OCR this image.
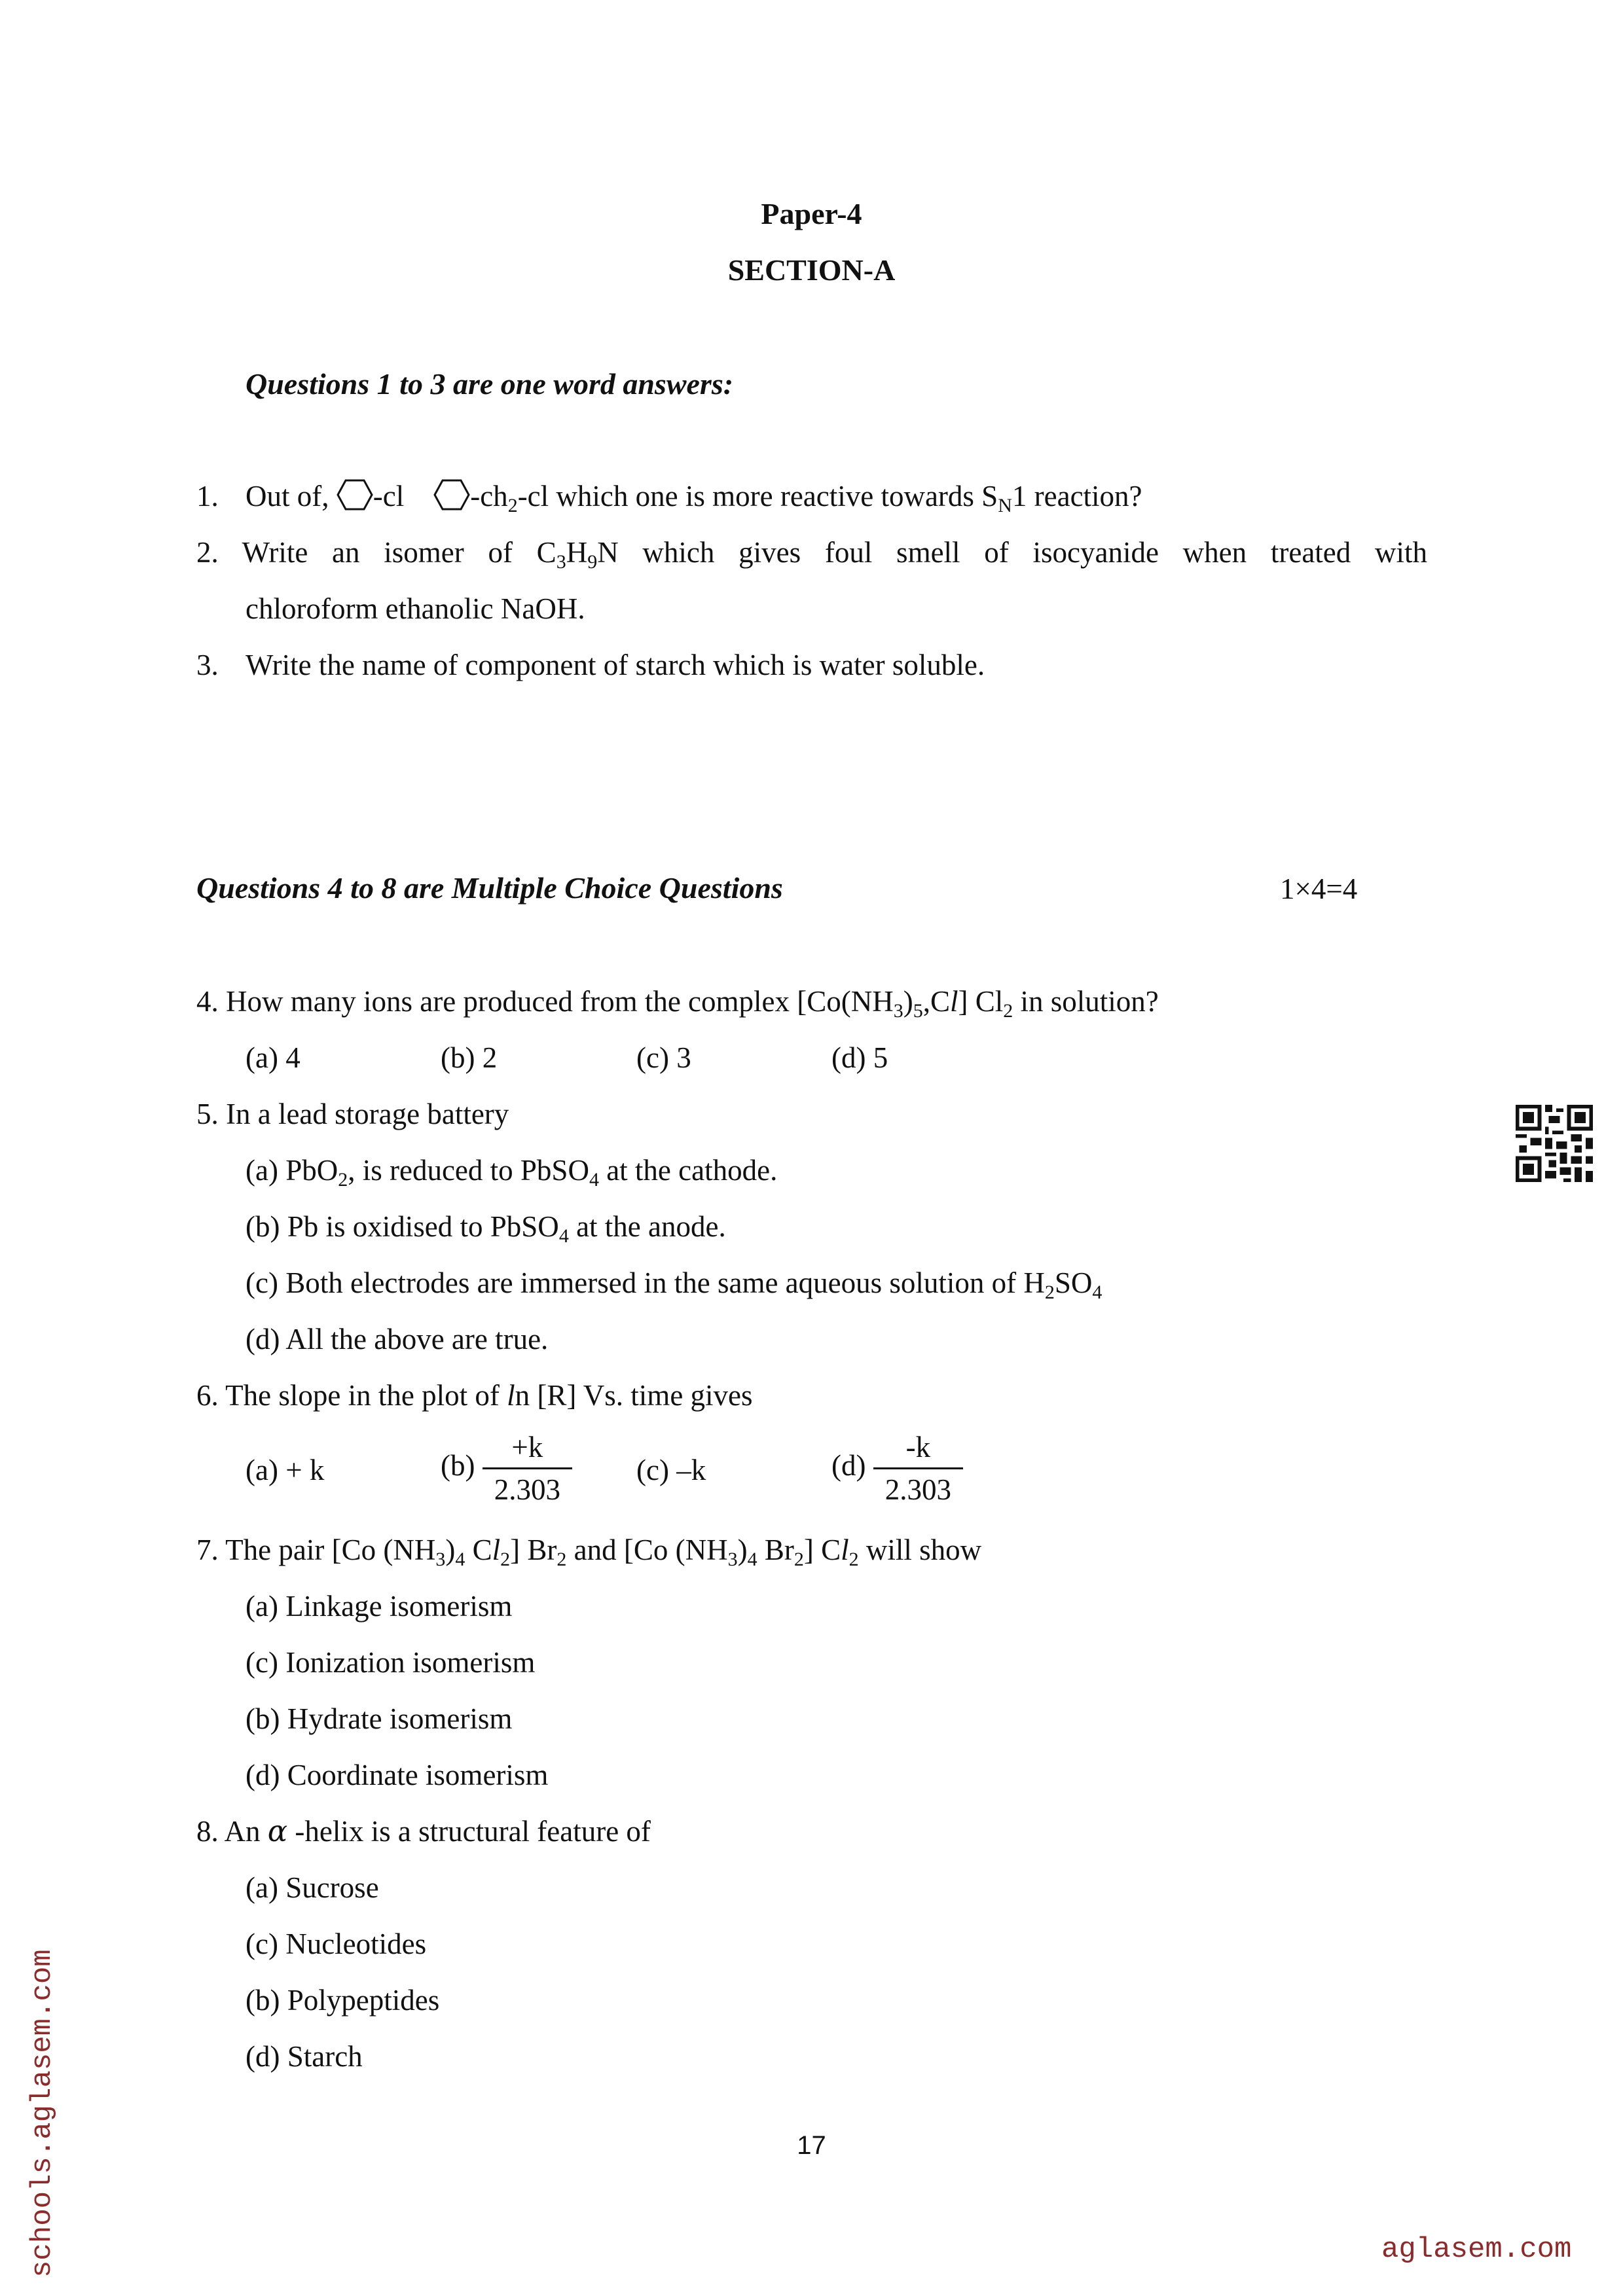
Paper-4
SECTION-A
Questions 1 to 3 are one word answers:
1. Out of, -cl $-ch_2-cl$ which one is more reactive towards $S_N1$ reaction?
2. Write an isomer of $C_3H_9N$ which gives foul smell of isocyanide when treated with
chloroform ethanolic NaOH.
3. Write the name of component of starch which is water soluble.
Questions 4 to 8 are Multiple Choice Questions	1×4=4
4. How many ions are produced from the complex $[Co(NH_3)_5,Cl]$ $Cl_2$ in solution?
(a) 4	(b) 2	(c) 3	(d) 5
5. In a lead storage battery
(a) PbO$_2$, is reduced to PbSO$_4$ at the cathode.
(b) Pb is oxidised to PbSO$_4$ at the anode.
(c) Both electrodes are immersed in the same aqueous solution of $H_2SO_4$
(d) All the above are true.
6. The slope in the plot of ln [R] Vs. time gives
(a) + k	$(b) \frac{+k}{2.303} (c)$ –k	$(d) \frac{-k}{2.303}$
7. The pair [Co $(NH_3)_4$ $Cl_2$] $Br_2$ and [Co $(NH_3)_4$ $Br_2$] $Cl_2$ will show
(a) Linkage isomerism
(c) Ionization isomerism
(b) Hydrate isomerism
(d) Coordinate isomerism
8. An α -helix is a structural feature of
(a) Sucrose
(c) Nucleotides
(b) Polypeptides
(d) Starch
17
aglasem.com
schools.aglasem.com
